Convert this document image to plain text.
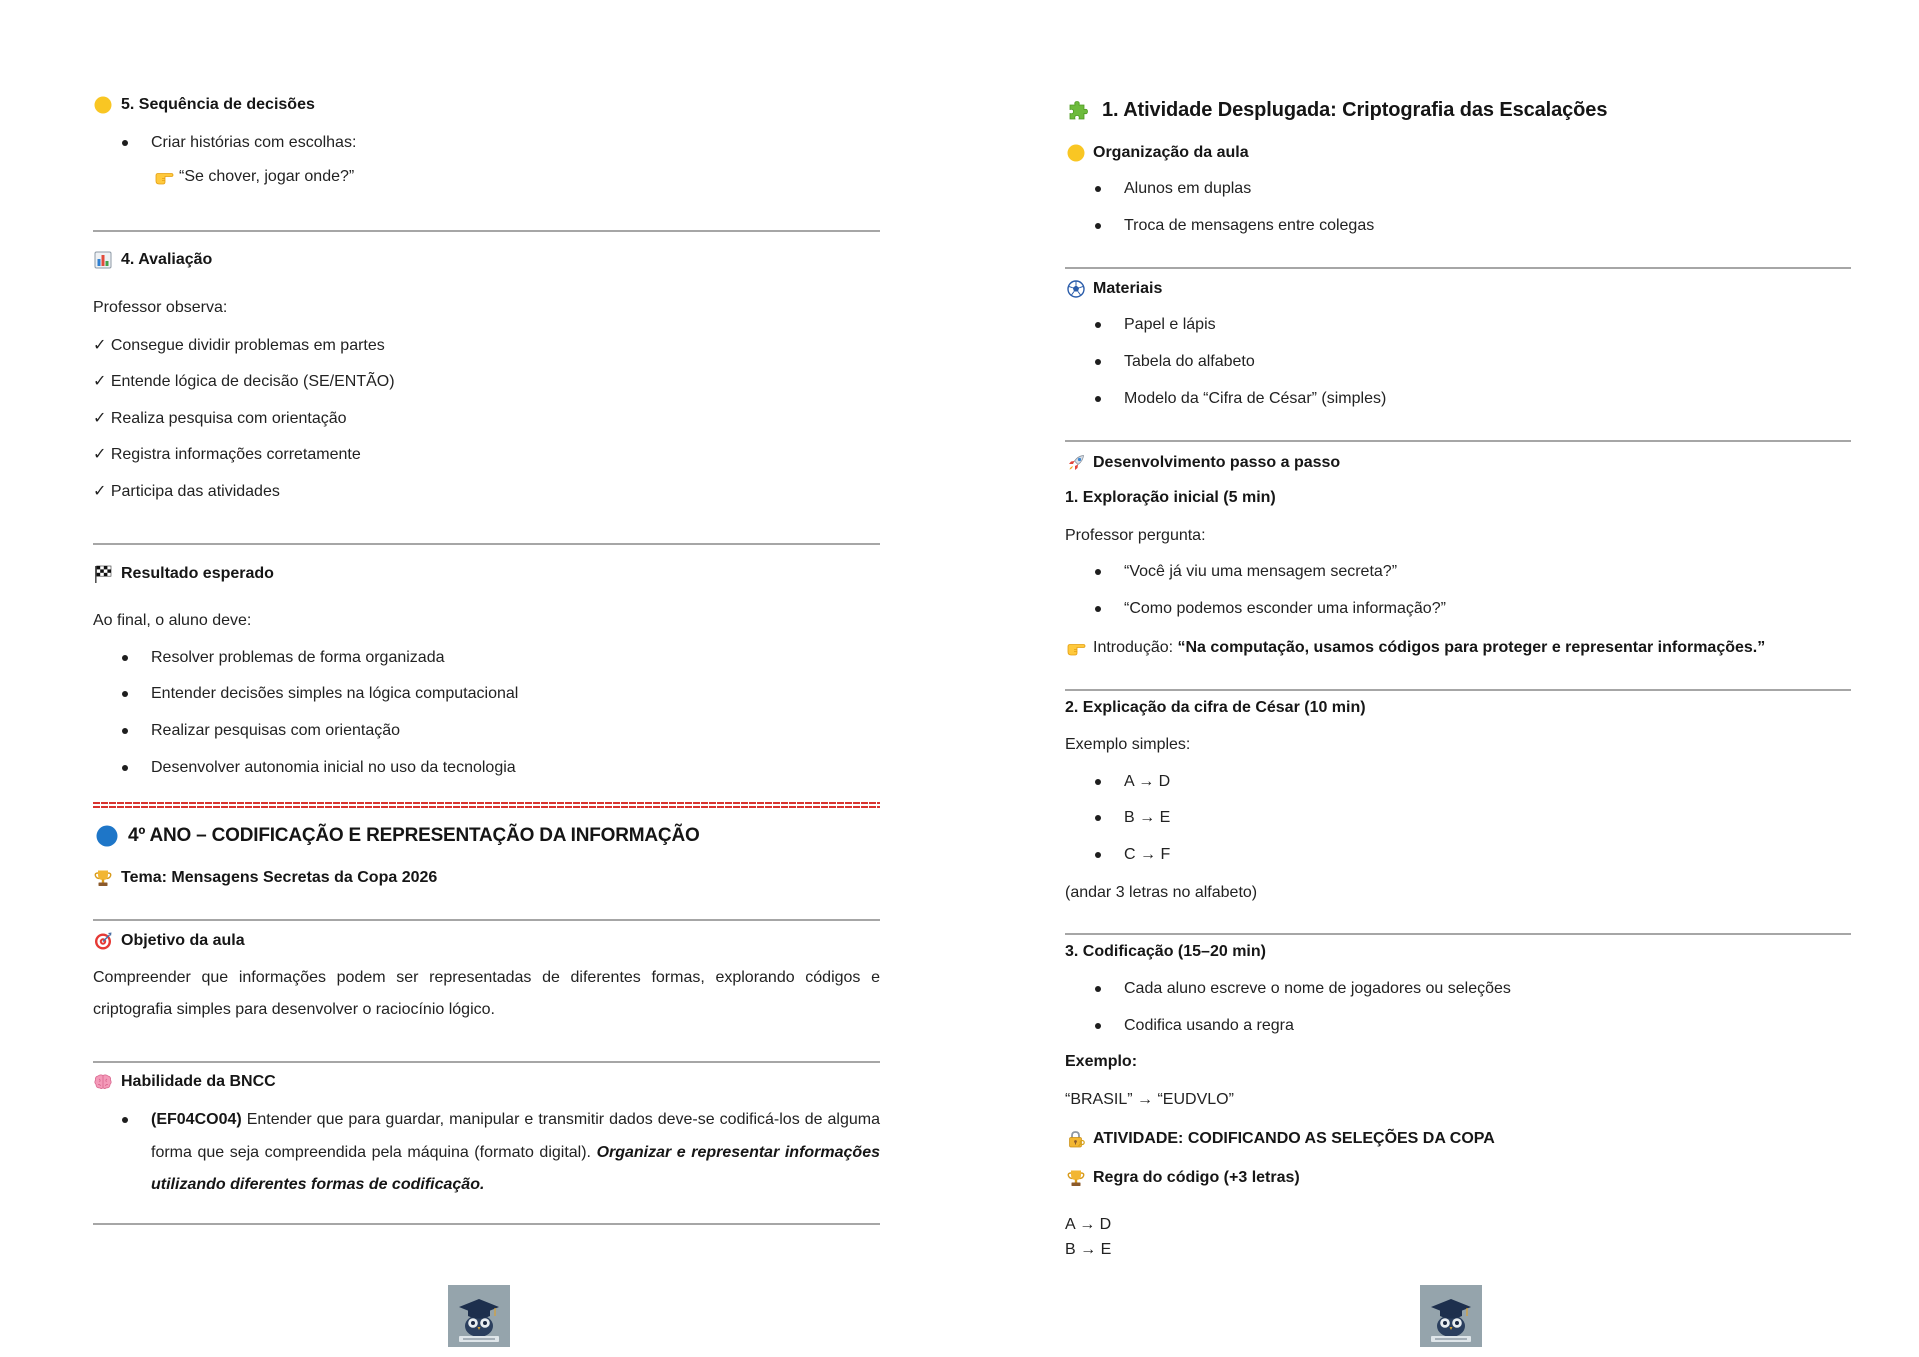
5. Sequência de decisões
Criar histórias com escolhas:
“Se chover, jogar onde?”
4. Avaliação
Professor observa:
✓ Consegue dividir problemas em partes
✓ Entende lógica de decisão (SE/ENTÃO)
✓ Realiza pesquisa com orientação
✓ Registra informações corretamente
✓ Participa das atividades
Resultado esperado
Ao final, o aluno deve:
Resolver problemas de forma organizada
Entender decisões simples na lógica computacional
Realizar pesquisas com orientação
Desenvolver autonomia inicial no uso da tecnologia
4º ANO – CODIFICAÇÃO E REPRESENTAÇÃO DA INFORMAÇÃO
Tema: Mensagens Secretas da Copa 2026
Objetivo da aula
Compreender que informações podem ser representadas de diferentes formas, explorando códigos e criptografia simples para desenvolver o raciocínio lógico.
Habilidade da BNCC
(EF04CO04) Entender que para guardar, manipular e transmitir dados deve-se codificá-los de alguma forma que seja compreendida pela máquina (formato digital). Organizar e representar informações utilizando diferentes formas de codificação.
1. Atividade Desplugada: Criptografia das Escalações
Organização da aula
Alunos em duplas
Troca de mensagens entre colegas
Materiais
Papel e lápis
Tabela do alfabeto
Modelo da “Cifra de César” (simples)
Desenvolvimento passo a passo
1. Exploração inicial (5 min)
Professor pergunta:
“Você já viu uma mensagem secreta?”
“Como podemos esconder uma informação?”
Introdução: “Na computação, usamos códigos para proteger e representar informações.”
2. Explicação da cifra de César (10 min)
Exemplo simples:
A → D
B → E
C → F
(andar 3 letras no alfabeto)
3. Codificação (15–20 min)
Cada aluno escreve o nome de jogadores ou seleções
Codifica usando a regra
Exemplo:
“BRASIL” → “EUDVLO”
ATIVIDADE: CODIFICANDO AS SELEÇÕES DA COPA
Regra do código (+3 letras)
A → D
B → E
